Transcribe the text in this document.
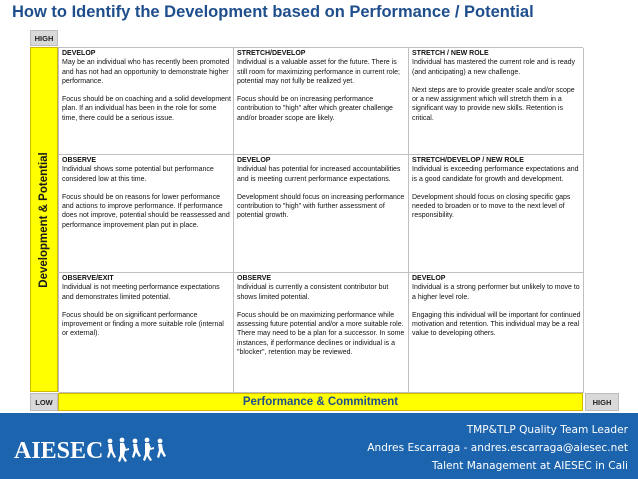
How to Identify the Development based on Performance / Potential
HIGH
Development & Potential
DEVELOP

May be an individual who has recently been promoted and has not had an opportunity to demonstrate higher performance.

Focus should be on coaching and a solid development plan. If an individual has been in the role for some time, there could be a serious issue.

STRETCH/DEVELOP

Individual is a valuable asset for the future. There is still room for maximizing performance in current role; potential may not fully be realized yet.

Focus should be on increasing performance contribution to "high" after which greater challenge and/or broader scope are likely.

STRETCH / NEW ROLE

Individual has mastered the current role and is ready (and anticipating) a new challenge.

Next steps are to provide greater scale and/or scope or a new assignment which will stretch them in a significant way to provide new skills. Retention is critical.

OBSERVE

Individual shows some potential but performance considered low at this time.

Focus should be on reasons for lower performance and actions to improve performance. If performance does not improve, potential should be reassessed and performance improvement plan put in place.

DEVELOP

Individual has potential for increased accountabilities and is meeting current performance expectations.

Development should focus on increasing performance contribution to "high" with further assessment of potential growth.

STRETCH/DEVELOP / NEW ROLE

Individual is exceeding performance expectations and is a good candidate for growth and development.

Development should focus on closing specific gaps needed to broaden or to move to the next level of responsibility.

OBSERVE/EXIT

Individual is not meeting performance expectations and demonstrates limited potential.

Focus should be on significant performance improvement or finding a more suitable role (internal or external).

OBSERVE

Individual is currently a consistent contributor but shows limited potential.

Focus should be on maximizing performance while assessing future potential and/or a more suitable role. There may need to be a plan for a successor. In some instances, if performance declines or individual is a "blocker", retention may be reviewed.

DEVELOP

Individual is a strong performer but unlikely to move to a higher level role.

Engaging this individual will be important for continued motivation and retention. This individual may be a real value to developing others.

LOW	Performance & Commitment	HIGH
AIESEC
TMP&TLP Quality Team Leader
Andres Escarraga - andres.escarraga@aiesec.net
Talent Management at AIESEC in Cali
